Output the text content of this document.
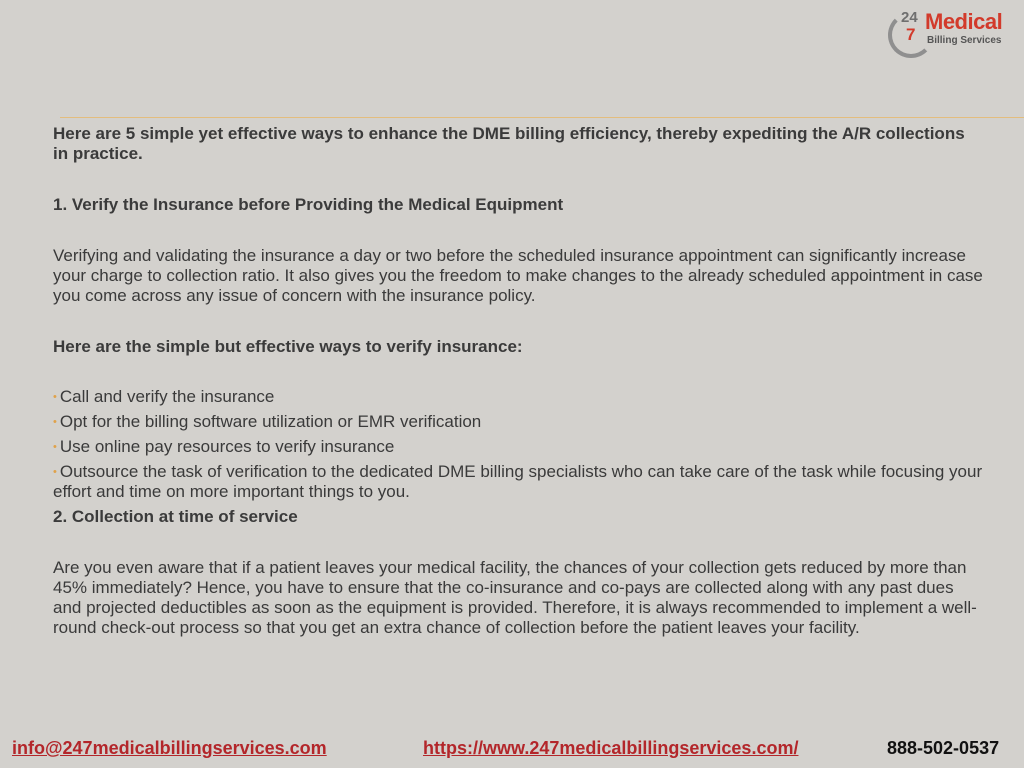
24
7
Medical
Billing Services

Here are 5 simple yet effective ways to enhance the DME billing efficiency, thereby expediting the A/R collections in practice.

1. Verify the Insurance before Providing the Medical Equipment

Verifying and validating the insurance a day or two before the scheduled insurance appointment can significantly increase your charge to collection ratio. It also gives you the freedom to make changes to the already scheduled appointment in case you come across any issue of concern with the insurance policy.

Here are the simple but effective ways to verify insurance:

• Call and verify the insurance

• Opt for the billing software utilization or EMR verification

• Use online pay resources to verify insurance

• Outsource the task of verification to the dedicated DME billing specialists who can take care of the task while focusing your effort and time on more important things to you.

2. Collection at time of service

Are you even aware that if a patient leaves your medical facility, the chances of your collection gets reduced by more than 45% immediately? Hence, you have to ensure that the co-insurance and co-pays are collected along with any past dues and projected deductibles as soon as the equipment is provided. Therefore, it is always recommended to implement a well-round check-out process so that you get an extra chance of collection before the patient leaves your facility.

info@247medicalbillingservices.com	https://www.247medicalbillingservices.com/	888-502-0537
